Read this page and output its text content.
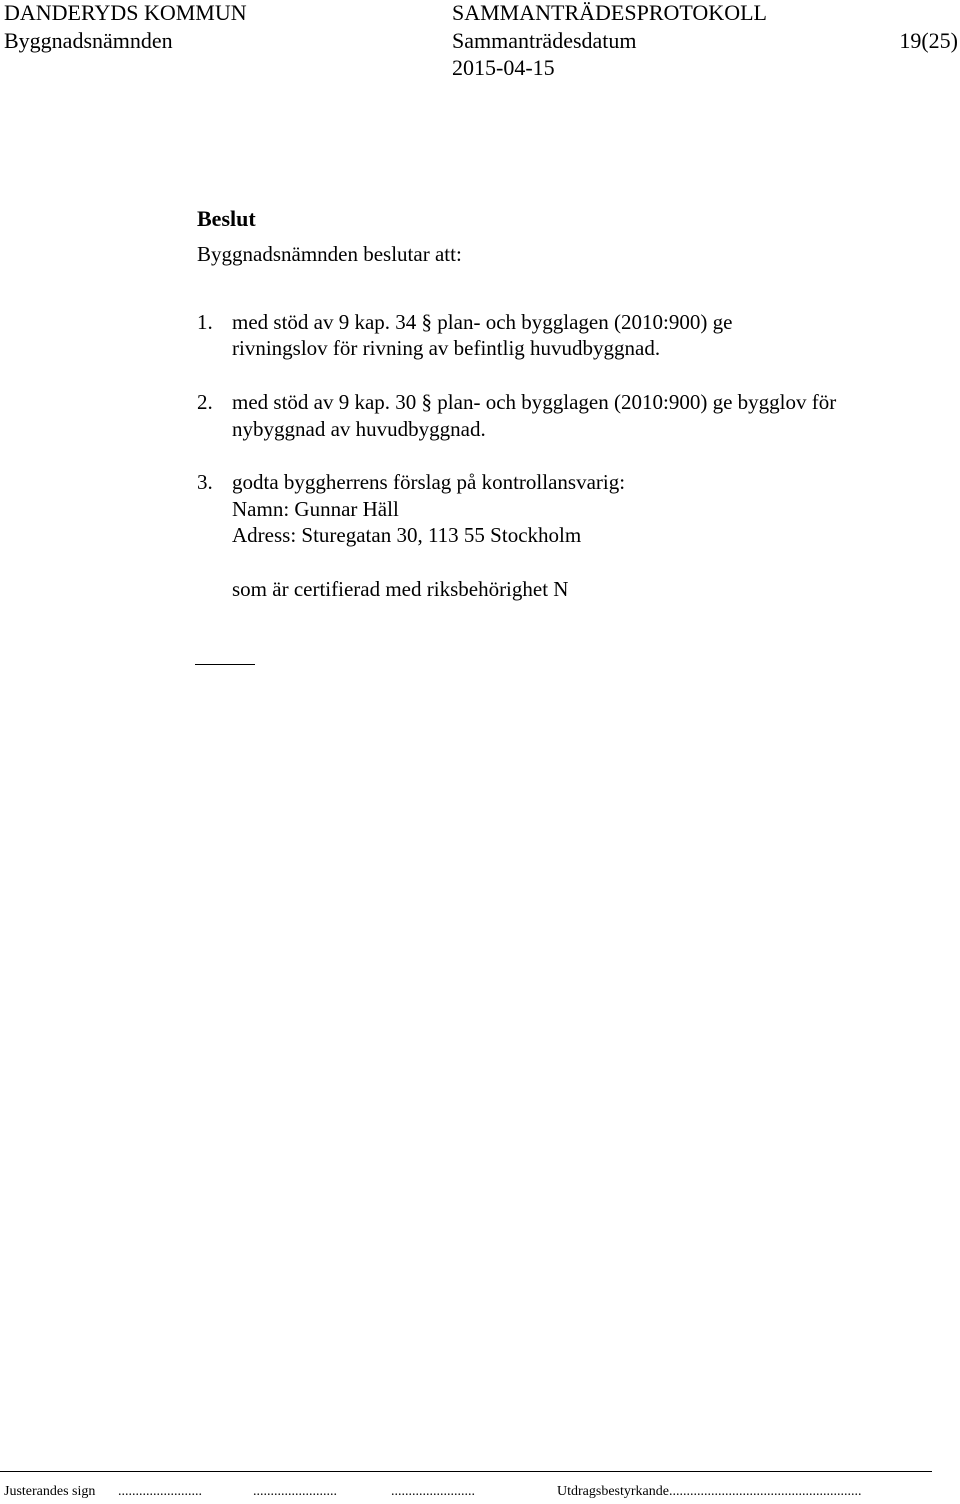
DANDERYDS KOMMUN
Byggnadsnämnden
SAMMANTRÄDESPROTOKOLL
Sammanträdesdatum	19(25)
2015-04-15
Beslut
Byggnadsnämnden beslutar att:
1. med stöd av 9 kap. 34 § plan- och bygglagen (2010:900) ge
rivningslov för rivning av befintlig huvudbyggnad.
2. med stöd av 9 kap. 30 § plan- och bygglagen (2010:900) ge bygglov för
nybyggnad av huvudbyggnad.
3. godta byggherrens förslag på kontrollansvarig:
Namn: Gunnar Häll
Adress: Sturegatan 30, 113 55 Stockholm
som är certifierad med riksbehörighet N
Justerandes sign ........................	........................	........................	Utdragsbestyrkande.......................................................
